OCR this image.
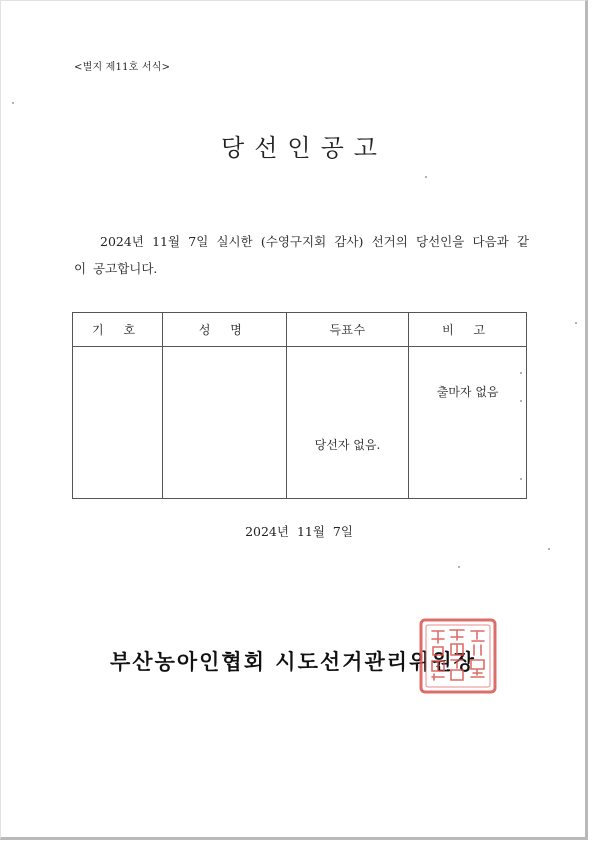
<별지 제11호 서식>
당선인공고
2024년 11월 7일 실시한 (수영구지회 감사) 선거의 당선인을 다음과 같이 공고합니다.
기 호	성 명	득표수	비 고
		당선자 없음.	출마자 없음
2024년 11월 7일
부산농아인협회 시도선거관리위원장
